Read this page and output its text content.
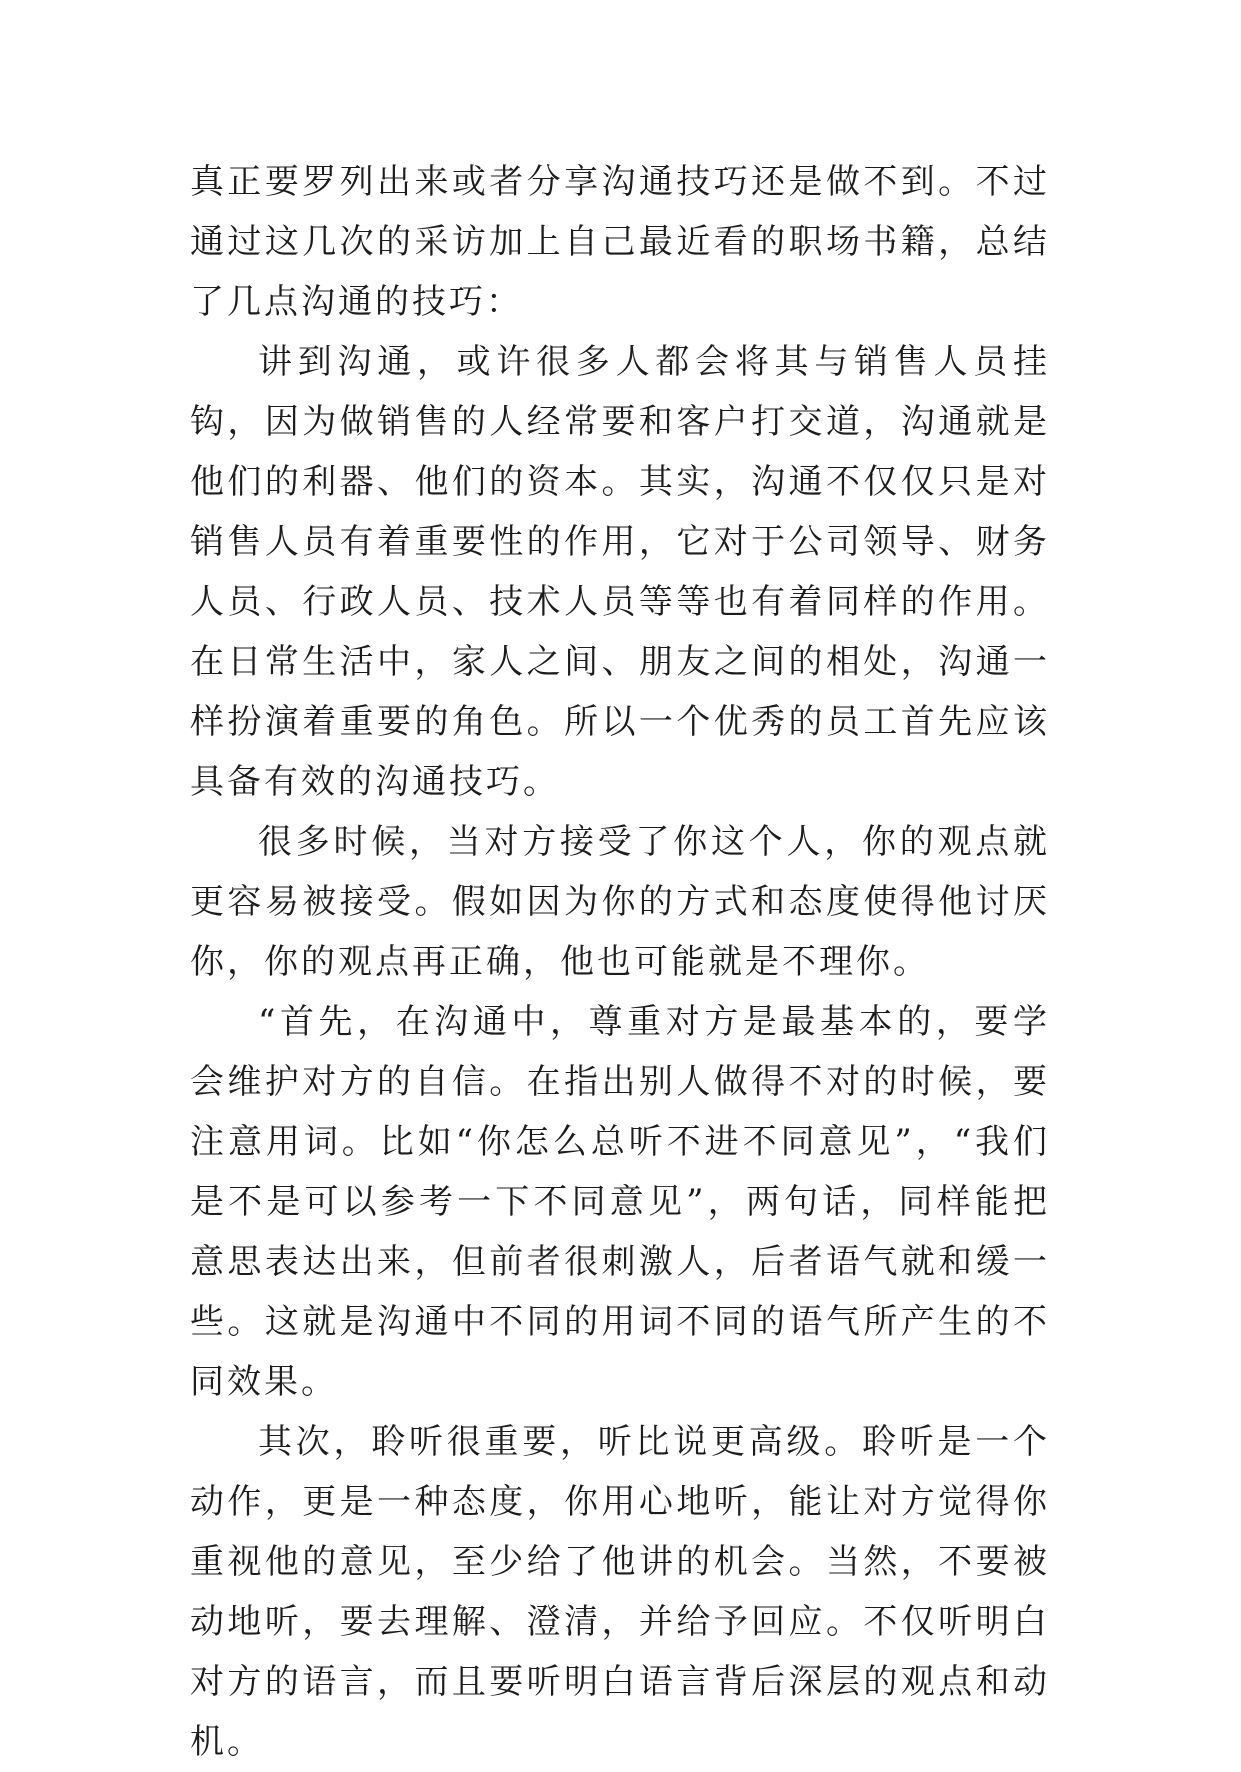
真正要罗列出来或者分享沟通技巧还是做不到。不过通过这几次的采访加上自己最近看的职场书籍，总结了几点沟通的技巧：

讲到沟通，或许很多人都会将其与销售人员挂钩，因为做销售的人经常要和客户打交道，沟通就是他们的利器、他们的资本。其实，沟通不仅仅只是对销售人员有着重要性的作用，它对于公司领导、财务人员、行政人员、技术人员等等也有着同样的作用。在日常生活中，家人之间、朋友之间的相处，沟通一样扮演着重要的角色。所以一个优秀的员工首先应该具备有效的沟通技巧。

很多时候，当对方接受了你这个人，你的观点就更容易被接受。假如因为你的方式和态度使得他讨厌你，你的观点再正确，他也可能就是不理你。

“首先，在沟通中，尊重对方是最基本的，要学会维护对方的自信。在指出别人做得不对的时候，要注意用词。比如“你怎么总听不进不同意见”，“我们是不是可以参考一下不同意见”，两句话，同样能把意思表达出来，但前者很刺激人，后者语气就和缓一些。这就是沟通中不同的用词不同的语气所产生的不同效果。

其次，聆听很重要，听比说更高级。聆听是一个动作，更是一种态度，你用心地听，能让对方觉得你重视他的意见，至少给了他讲的机会。当然，不要被动地听，要去理解、澄清，并给予回应。不仅听明白对方的语言，而且要听明白语言背后深层的观点和动机。
